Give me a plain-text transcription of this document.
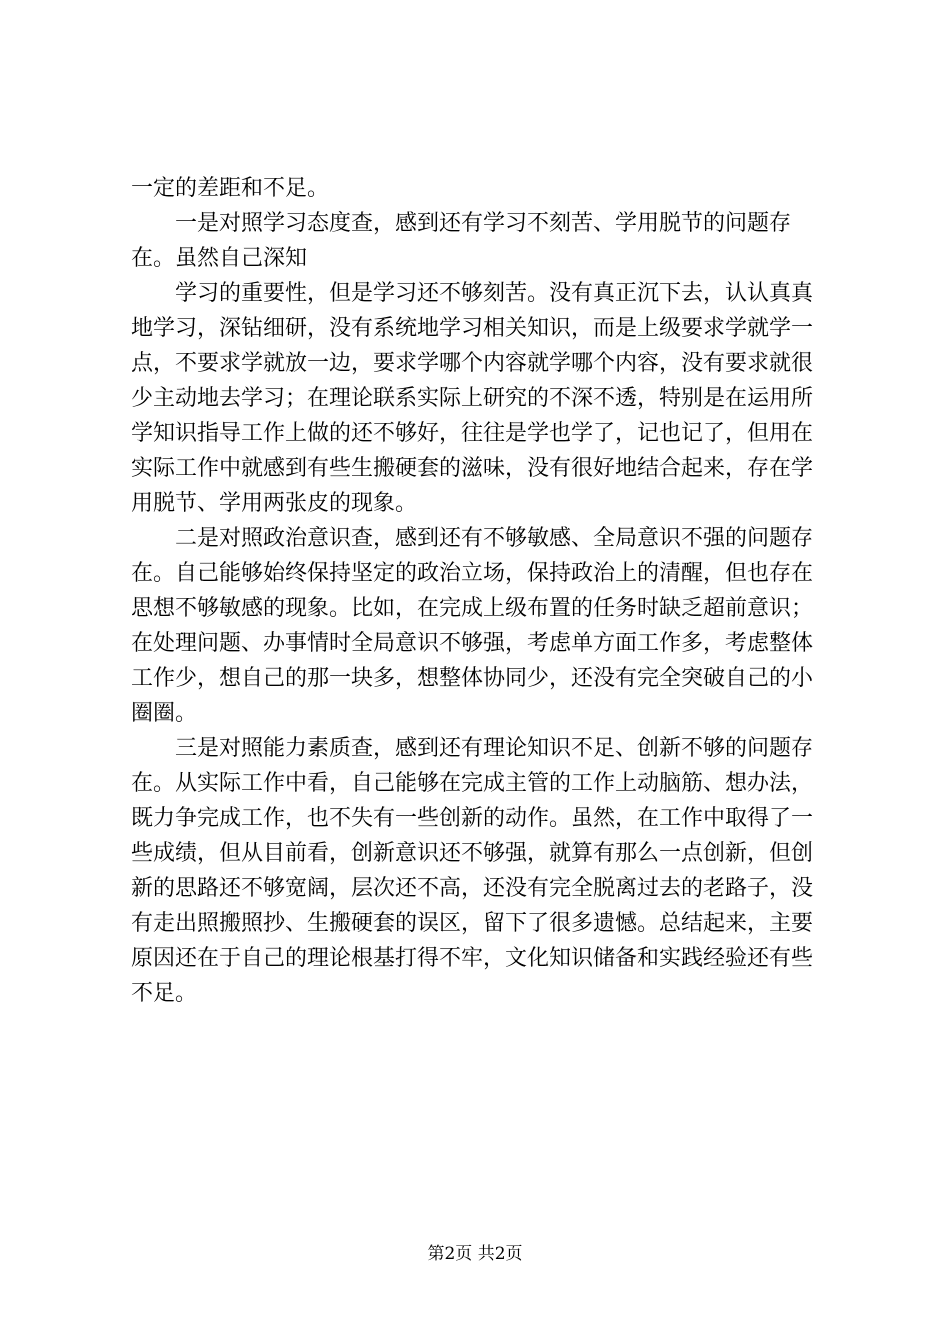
一定的差距和不足。

一是对照学习态度查，感到还有学习不刻苦、学用脱节的问题存在。虽然自己深知

学习的重要性，但是学习还不够刻苦。没有真正沉下去，认认真真地学习，深钻细研，没有系统地学习相关知识，而是上级要求学就学一点，不要求学就放一边，要求学哪个内容就学哪个内容，没有要求就很少主动地去学习；在理论联系实际上研究的不深不透，特别是在运用所学知识指导工作上做的还不够好，往往是学也学了，记也记了，但用在实际工作中就感到有些生搬硬套的滋味，没有很好地结合起来，存在学用脱节、学用两张皮的现象。

二是对照政治意识查，感到还有不够敏感、全局意识不强的问题存在。自己能够始终保持坚定的政治立场，保持政治上的清醒，但也存在思想不够敏感的现象。比如，在完成上级布置的任务时缺乏超前意识；在处理问题、办事情时全局意识不够强，考虑单方面工作多，考虑整体工作少，想自己的那一块多，想整体协同少，还没有完全突破自己的小圈圈。

三是对照能力素质查，感到还有理论知识不足、创新不够的问题存在。从实际工作中看，自己能够在完成主管的工作上动脑筋、想办法，既力争完成工作，也不失有一些创新的动作。虽然，在工作中取得了一些成绩，但从目前看，创新意识还不够强，就算有那么一点创新，但创新的思路还不够宽阔，层次还不高，还没有完全脱离过去的老路子，没有走出照搬照抄、生搬硬套的误区，留下了很多遗憾。总结起来，主要原因还在于自己的理论根基打得不牢，文化知识储备和实践经验还有些不足。

第2页 共2页
